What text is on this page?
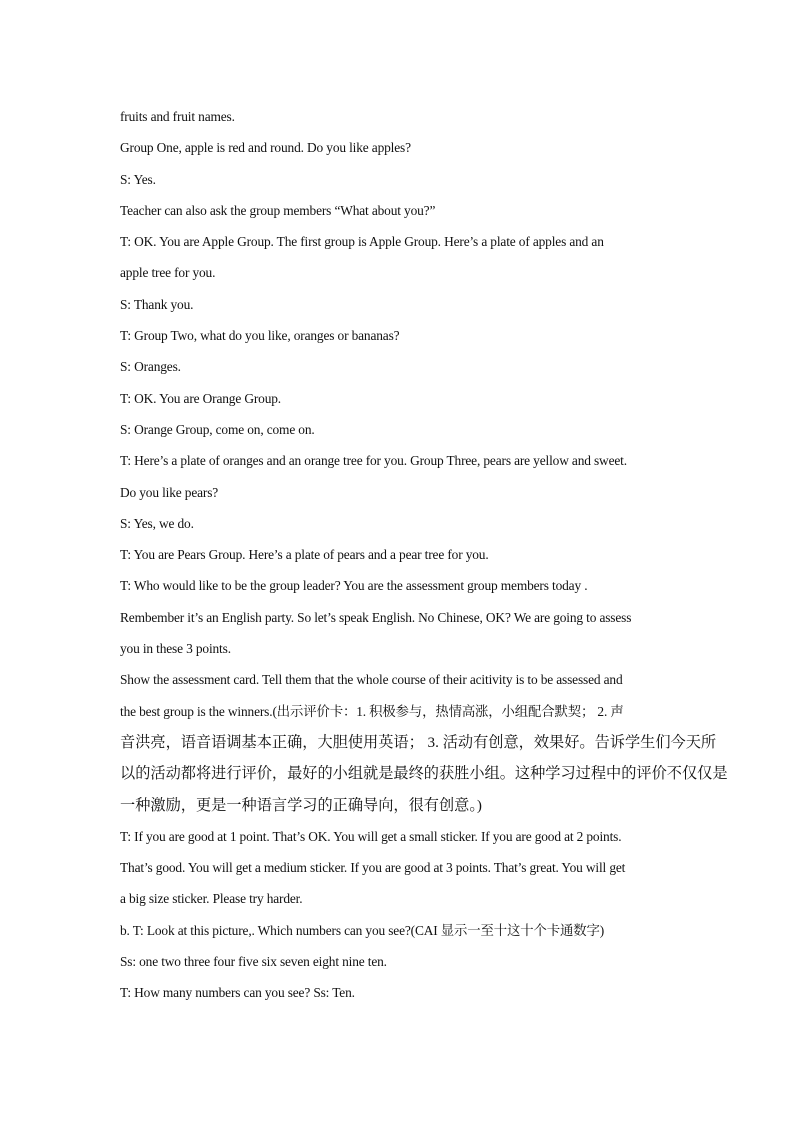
fruits and fruit names.
Group One, apple is red and round. Do you like apples?
S: Yes.
Teacher can also ask the group members “What about you?”
T: OK. You are Apple Group. The first group is Apple Group. Here’s a plate of apples and an
apple tree for you.
S: Thank you.
T: Group Two, what do you like, oranges or bananas?
S: Oranges.
T: OK. You are Orange Group.
S: Orange Group, come on, come on.
T: Here’s a plate of oranges and an orange tree for you. Group Three, pears are yellow and sweet.
Do you like pears?
S: Yes, we do.
T: You are Pears Group. Here’s a plate of pears and a pear tree for you.
T: Who would like to be the group leader? You are the assessment group members today .
Rembember it’s an English party. So let’s speak English. No Chinese, OK? We are going to assess
you in these 3 points.
Show the assessment card. Tell them that the whole course of their acitivity is to be assessed and
the best group is the winners.(出示评价卡：1. 积极参与，热情高涨，小组配合默契； 2. 声
音洪亮，语音语调基本正确，大胆使用英语； 3. 活动有创意，效果好。告诉学生们今天所
以的活动都将进行评价，最好的小组就是最终的获胜小组。这种学习过程中的评价不仅仅是
一种激励，更是一种语言学习的正确导向，很有创意。)
T: If you are good at 1 point. That’s OK. You will get a small sticker. If you are good at 2 points.
That’s good. You will get a medium sticker. If you are good at 3 points. That’s great. You will get
a big size sticker. Please try harder.
b. T: Look at this picture,. Which numbers can you see?(CAI 显示一至十这十个卡通数字)
Ss: one two three four five six seven eight nine ten.
T: How many numbers can you see? Ss: Ten.
